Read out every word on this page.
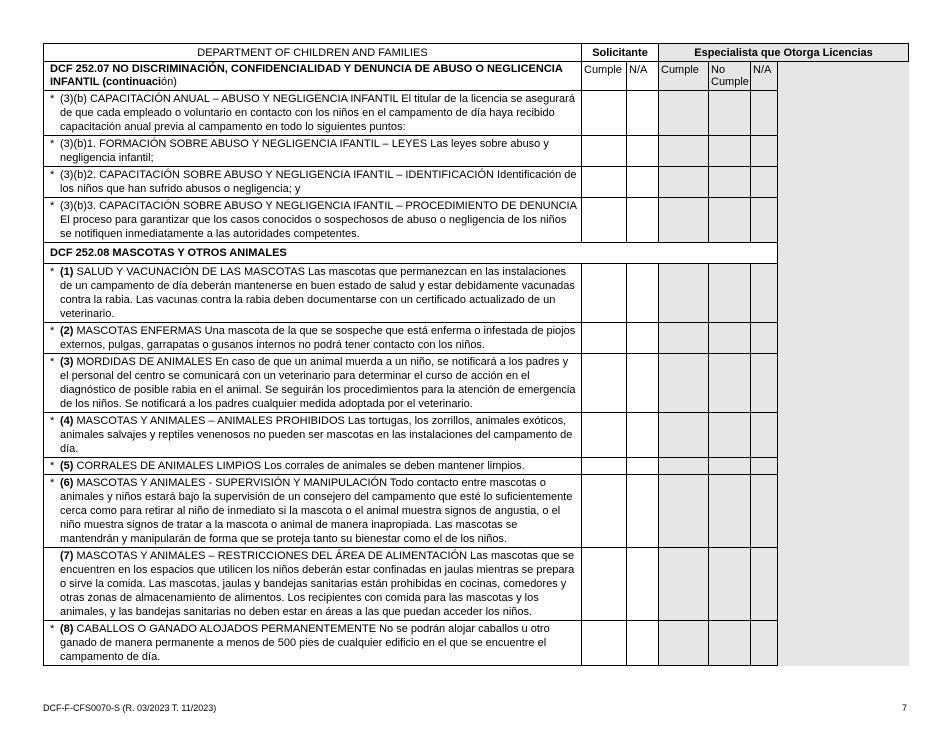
DEPARTMENT OF CHILDREN AND FAMILIES	Solicitante		Especialista que Otorga Licencias			
DCF 252.07 NO DISCRIMINACIÓN, CONFIDENCIALIDAD Y DENUNCIA DE ABUSO O NEGLICENCIA INFANTIL (continuación)	Cumple	N/A	Cumple	No Cumple	N/A	

* (3)(b) CAPACITACIÓN ANUAL – ABUSO Y NEGLIGENCIA INFANTIL El titular de la licencia se asegurará de que cada empleado o voluntario en contacto con los niños en el campamento de día haya recibido capacitación anual previa al campamento en todo lo siguientes puntos:						

* (3)(b)1. FORMACIÓN SOBRE ABUSO Y NEGLIGENCIA IFANTIL – LEYES Las leyes sobre abuso y negligencia infantil;						

* (3)(b)2. CAPACITACIÓN SOBRE ABUSO Y NEGLIGENCIA IFANTIL – IDENTIFICACIÓN Identificación de los niños que han sufrido abusos o negligencia; y						

* (3)(b)3. CAPACITACIÓN SOBRE ABUSO Y NEGLIGENCIA IFANTIL – PROCEDIMIENTO DE DENUNCIA El proceso para garantizar que los casos conocidos o sospechosos de abuso o negligencia de los niños se notifiquen inmediatamente a las autoridades competentes.						
DCF 252.08 MASCOTAS Y OTROS ANIMALES						

* (1) SALUD Y VACUNACIÓN DE LAS MASCOTAS Las mascotas que permanezcan en las instalaciones de un campamento de día deberán mantenerse en buen estado de salud y estar debidamente vacunadas contra la rabia. Las vacunas contra la rabia deben documentarse con un certificado actualizado de un veterinario.						

* (2) MASCOTAS ENFERMAS Una mascota de la que se sospeche que está enferma o infestada de piojos externos, pulgas, garrapatas o gusanos internos no podrá tener contacto con los niños.						

* (3) MORDIDAS DE ANIMALES En caso de que un animal muerda a un niño, se notificará a los padres y el personal del centro se comunicará con un veterinario para determinar el curso de acción en el diagnóstico de posible rabia en el animal. Se seguirán los procedimientos para la atención de emergencia de los niños. Se notificará a los padres cualquier medida adoptada por el veterinario.						

* (4) MASCOTAS Y ANIMALES – ANIMALES PROHIBIDOS Las tortugas, los zorrillos, animales exóticos, animales salvajes y reptiles venenosos no pueden ser mascotas en las instalaciones del campamento de día.						

* (5) CORRALES DE ANIMALES LIMPIOS Los corrales de animales se deben mantener limpios.						

* (6) MASCOTAS Y ANIMALES - SUPERVISIÓN Y MANIPULACIÓN Todo contacto entre mascotas o animales y niños estará bajo la supervisión de un consejero del campamento que esté lo suficientemente cerca como para retirar al niño de inmediato si la mascota o el animal muestra signos de angustia, o el niño muestra signos de tratar a la mascota o animal de manera inapropiada. Las mascotas se mantendrán y manipularán de forma que se proteja tanto su bienestar como el de los niños.						

(7) MASCOTAS Y ANIMALES – RESTRICCIONES DEL ÁREA DE ALIMENTACIÓN Las mascotas que se encuentren en los espacios que utilicen los niños deberán estar confinadas en jaulas mientras se prepara o sirve la comida. Las mascotas, jaulas y bandejas sanitarias están prohibidas en cocinas, comedores y otras zonas de almacenamiento de alimentos. Los recipientes con comida para las mascotas y los animales, y las bandejas sanitarias no deben estar en áreas a las que puedan acceder los niños.						

* (8) CABALLOS O GANADO ALOJADOS PERMANENTEMENTE No se podrán alojar caballos u otro ganado de manera permanente a menos de 500 pies de cualquier edificio en el que se encuentre el campamento de día.						
DCF-F-CFS0070-S (R. 03/2023 T. 11/2023)	7
